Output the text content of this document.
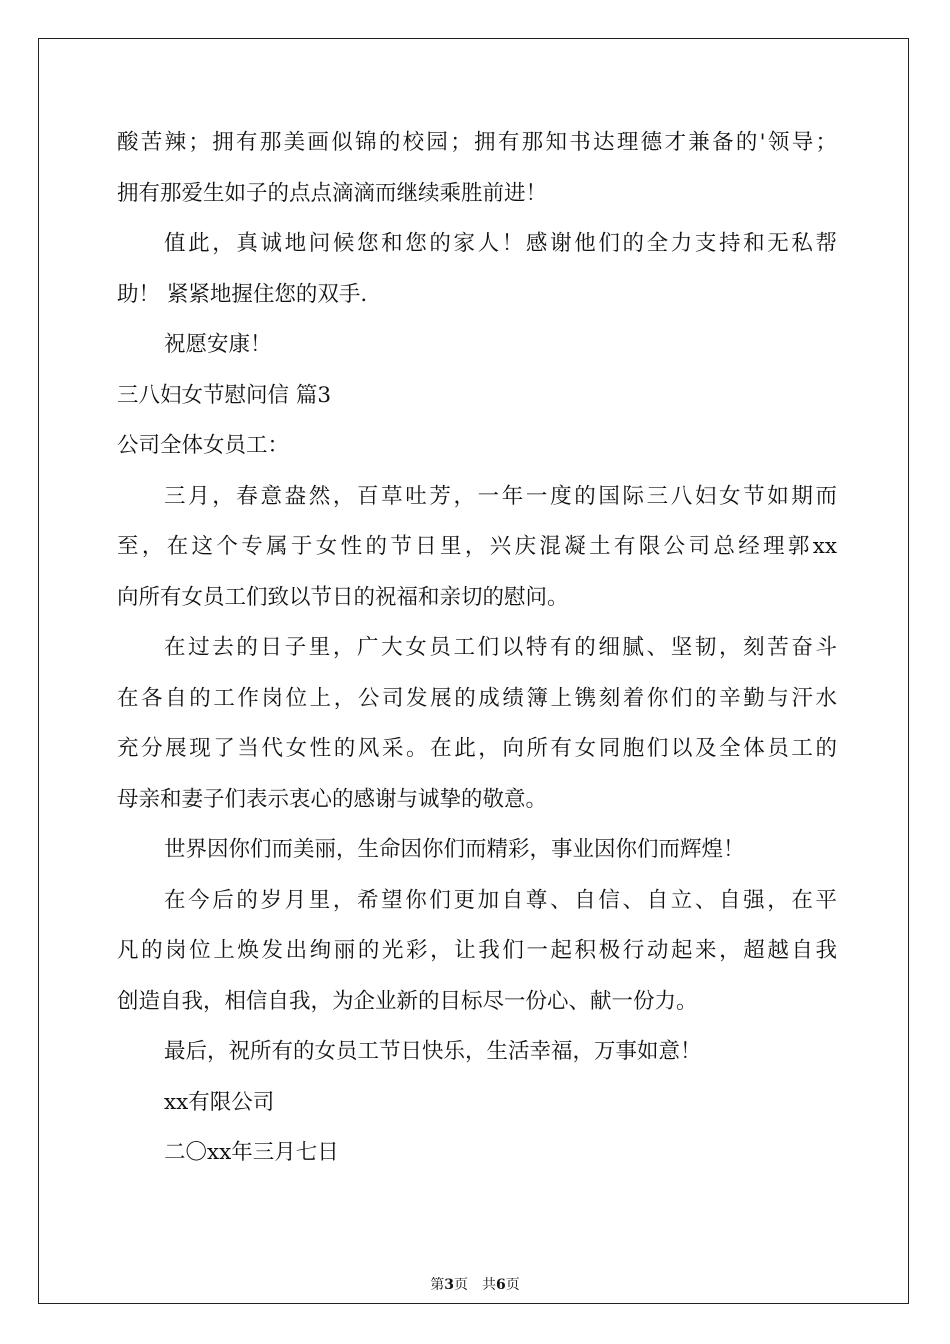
酸苦辣；拥有那美画似锦的校园；拥有那知书达理德才兼备的'领导；
拥有那爱生如子的点点滴滴而继续乘胜前进！
值此，真诚地问候您和您的家人！感谢他们的全力支持和无私帮
助！ 紧紧地握住您的双手.
祝愿安康！
三八妇女节慰问信 篇3
公司全体女员工：
三月，春意盎然，百草吐芳，一年一度的国际三八妇女节如期而
至，在这个专属于女性的节日里，兴庆混凝土有限公司总经理郭xx
向所有女员工们致以节日的祝福和亲切的慰问。
在过去的日子里，广大女员工们以特有的细腻、坚韧，刻苦奋斗
在各自的工作岗位上，公司发展的成绩簿上镌刻着你们的辛勤与汗水
充分展现了当代女性的风采。在此，向所有女同胞们以及全体员工的
母亲和妻子们表示衷心的感谢与诚挚的敬意。
世界因你们而美丽，生命因你们而精彩，事业因你们而辉煌！
在今后的岁月里，希望你们更加自尊、自信、自立、自强，在平
凡的岗位上焕发出绚丽的光彩，让我们一起积极行动起来，超越自我
创造自我，相信自我，为企业新的目标尽一份心、献一份力。
最后，祝所有的女员工节日快乐，生活幸福，万事如意！
xx有限公司
二〇xx年三月七日
第3页　共6页
